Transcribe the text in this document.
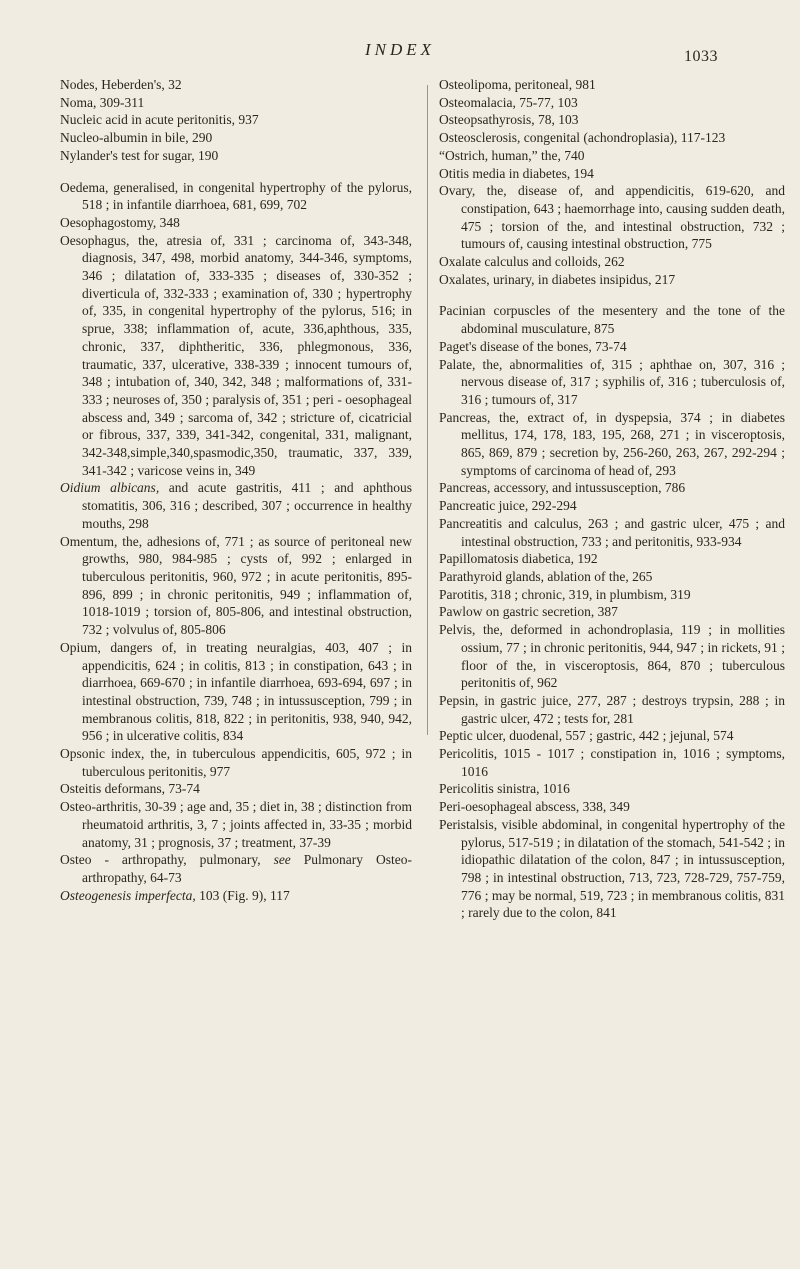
INDEX	1033

Nodes, Heberden's, 32

Noma, 309-311

Nucleic acid in acute peritonitis, 937

Nucleo-albumin in bile, 290

Nylander's test for sugar, 190

Oedema, generalised, in congenital hypertrophy of the pylorus, 518 ; in infantile diarrhoea, 681, 699, 702

Oesophagostomy, 348

Oesophagus, the, atresia of, 331 ; carcinoma of, 343-348, diagnosis, 347, 498, morbid anatomy, 344-346, symptoms, 346 ; dilatation of, 333-335 ; diseases of, 330-352 ; diverticula of, 332-333 ; examination of, 330 ; hypertrophy of, 335, in congenital hypertrophy of the pylorus, 516; in sprue, 338; inflammation of, acute, 336,aphthous, 335, chronic, 337, diphtheritic, 336, phlegmonous, 336, traumatic, 337, ulcerative, 338-339 ; innocent tumours of, 348 ; intubation of, 340, 342, 348 ; malformations of, 331-333 ; neuroses of, 350 ; paralysis of, 351 ; peri - oesophageal abscess and, 349 ; sarcoma of, 342 ; stricture of, cicatricial or fibrous, 337, 339, 341-342, congenital, 331, malignant, 342-348,simple,340,spasmodic,350, traumatic, 337, 339, 341-342 ; varicose veins in, 349

Oidium albicans, and acute gastritis, 411 ; and aphthous stomatitis, 306, 316 ; described, 307 ; occurrence in healthy mouths, 298

Omentum, the, adhesions of, 771 ; as source of peritoneal new growths, 980, 984-985 ; cysts of, 992 ; enlarged in tuberculous peritonitis, 960, 972 ; in acute peritonitis, 895-896, 899 ; in chronic peritonitis, 949 ; inflammation of, 1018-1019 ; torsion of, 805-806, and intestinal obstruction, 732 ; volvulus of, 805-806

Opium, dangers of, in treating neuralgias, 403, 407 ; in appendicitis, 624 ; in colitis, 813 ; in constipation, 643 ; in diarrhoea, 669-670 ; in infantile diarrhoea, 693-694, 697 ; in intestinal obstruction, 739, 748 ; in intussusception, 799 ; in membranous colitis, 818, 822 ; in peritonitis, 938, 940, 942, 956 ; in ulcerative colitis, 834

Opsonic index, the, in tuberculous appendicitis, 605, 972 ; in tuberculous peritonitis, 977

Osteitis deformans, 73-74

Osteo-arthritis, 30-39 ; age and, 35 ; diet in, 38 ; distinction from rheumatoid arthritis, 3, 7 ; joints affected in, 33-35 ; morbid anatomy, 31 ; prognosis, 37 ; treatment, 37-39

Osteo - arthropathy, pulmonary, see Pulmonary Osteo-arthropathy, 64-73

Osteogenesis imperfecta, 103 (Fig. 9), 117

Osteolipoma, peritoneal, 981

Osteomalacia, 75-77, 103

Osteopsathyrosis, 78, 103

Osteosclerosis, congenital (achondroplasia), 117-123

“Ostrich, human,” the, 740

Otitis media in diabetes, 194

Ovary, the, disease of, and appendicitis, 619-620, and constipation, 643 ; haemorrhage into, causing sudden death, 475 ; torsion of the, and intestinal obstruction, 732 ; tumours of, causing intestinal obstruction, 775

Oxalate calculus and colloids, 262

Oxalates, urinary, in diabetes insipidus, 217

Pacinian corpuscles of the mesentery and the tone of the abdominal musculature, 875

Paget's disease of the bones, 73-74

Palate, the, abnormalities of, 315 ; aphthae on, 307, 316 ; nervous disease of, 317 ; syphilis of, 316 ; tuberculosis of, 316 ; tumours of, 317

Pancreas, the, extract of, in dyspepsia, 374 ; in diabetes mellitus, 174, 178, 183, 195, 268, 271 ; in visceroptosis, 865, 869, 879 ; secretion by, 256-260, 263, 267, 292-294 ; symptoms of carcinoma of head of, 293

Pancreas, accessory, and intussusception, 786

Pancreatic juice, 292-294

Pancreatitis and calculus, 263 ; and gastric ulcer, 475 ; and intestinal obstruction, 733 ; and peritonitis, 933-934

Papillomatosis diabetica, 192

Parathyroid glands, ablation of the, 265

Parotitis, 318 ; chronic, 319, in plumbism, 319

Pawlow on gastric secretion, 387

Pelvis, the, deformed in achondroplasia, 119 ; in mollities ossium, 77 ; in chronic peritonitis, 944, 947 ; in rickets, 91 ; floor of the, in visceroptosis, 864, 870 ; tuberculous peritonitis of, 962

Pepsin, in gastric juice, 277, 287 ; destroys trypsin, 288 ; in gastric ulcer, 472 ; tests for, 281

Peptic ulcer, duodenal, 557 ; gastric, 442 ; jejunal, 574

Pericolitis, 1015 - 1017 ; constipation in, 1016 ; symptoms, 1016

Pericolitis sinistra, 1016

Peri-oesophageal abscess, 338, 349

Peristalsis, visible abdominal, in congenital hypertrophy of the pylorus, 517-519 ; in dilatation of the stomach, 541-542 ; in idiopathic dilatation of the colon, 847 ; in intussusception, 798 ; in intestinal obstruction, 713, 723, 728-729, 757-759, 776 ; may be normal, 519, 723 ; in membranous colitis, 831 ; rarely due to the colon, 841
